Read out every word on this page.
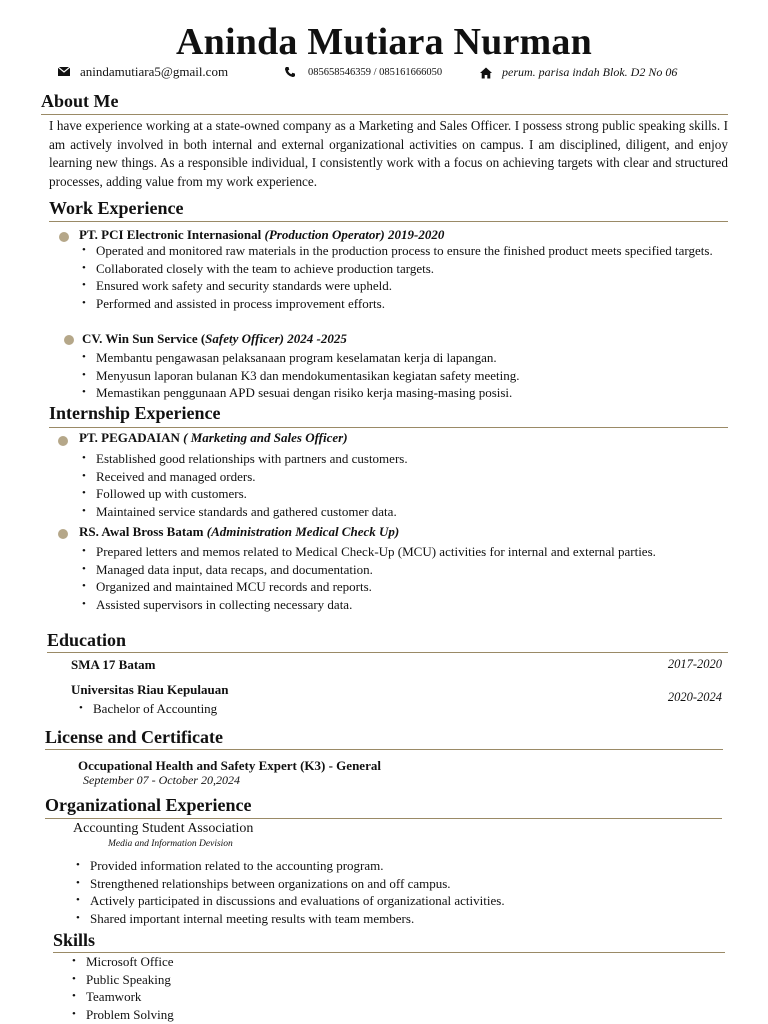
Aninda Mutiara Nurman
anindamutiara5@gmail.com	085658546359 / 085161666050	perum. parisa indah Blok. D2 No 06
About Me
I have experience working at a state-owned company as a Marketing and Sales Officer. I possess strong public speaking skills. I am actively involved in both internal and external organizational activities on campus. I am disciplined, diligent, and enjoy learning new things. As a responsible individual, I consistently work with a focus on achieving targets with clear and structured processes, adding value from my work experience.
Work Experience
PT. PCI Electronic Internasional (Production Operator) 2019-2020
• Operated and monitored raw materials in the production process to ensure the finished product meets specified targets.
• Collaborated closely with the team to achieve production targets.
• Ensured work safety and security standards were upheld.
• Performed and assisted in process improvement efforts.
CV. Win Sun Service (Safety Officer) 2024 -2025
• Membantu pengawasan pelaksanaan program keselamatan kerja di lapangan.
• Menyusun laporan bulanan K3 dan mendokumentasikan kegiatan safety meeting.
• Memastikan penggunaan APD sesuai dengan risiko kerja masing-masing posisi.
Internship Experience
PT. PEGADAIAN ( Marketing and Sales Officer)
• Established good relationships with partners and customers.
• Received and managed orders.
• Followed up with customers.
• Maintained service standards and gathered customer data.
RS. Awal Bross Batam (Administration Medical Check Up)
• Prepared letters and memos related to Medical Check-Up (MCU) activities for internal and external parties.
• Managed data input, data recaps, and documentation.
• Organized and maintained MCU records and reports.
• Assisted supervisors in collecting necessary data.
Education
SMA 17 Batam	2017-2020
Universitas Riau Kepulauan	2020-2024
• Bachelor of Accounting
License and Certificate
Occupational Health and Safety Expert (K3) - General
September 07 - October 20,2024
Organizational Experience
Accounting Student Association
Media and Information Devision
• Provided information related to the accounting program.
• Strengthened relationships between organizations on and off campus.
• Actively participated in discussions and evaluations of organizational activities.
• Shared important internal meeting results with team members.
Skills
• Microsoft Office
• Public Speaking
• Teamwork
• Problem Solving
